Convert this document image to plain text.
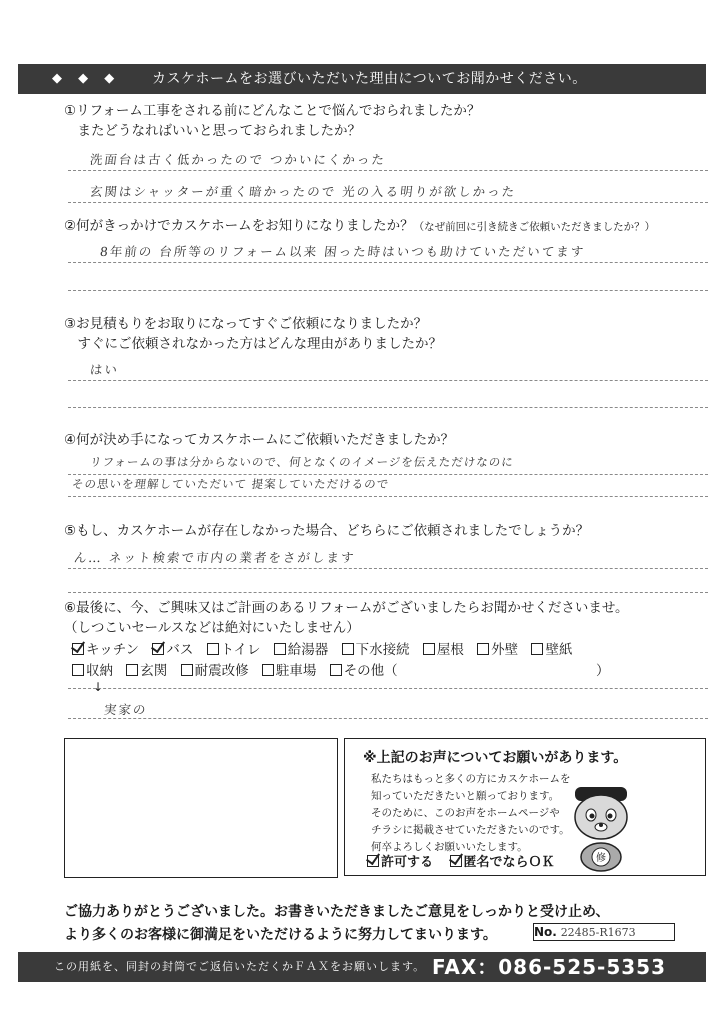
◆ ◆ ◆ カスケホームをお選びいただいた理由についてお聞かせください。
①リフォーム工事をされる前にどんなことで悩んでおられましたか？
　またどうなればいいと思っておられましたか？
洗面台は古く低かったので つかいにくかった
玄関はシャッターが重く暗かったので 光の入る明りが欲しかった
②何がきっかけでカスケホームをお知りになりましたか？（なぜ前回に引き続きご依頼いただきましたか？）
8年前の 台所等のリフォーム以来 困った時はいつも助けていただいてます
③お見積もりをお取りになってすぐご依頼になりましたか？
　すぐにご依頼されなかった方はどんな理由がありましたか？
はい
④何が決め手になってカスケホームにご依頼いただきましたか？
リフォームの事は分からないので、何となくのイメージを伝えただけなのに
その思いを理解していただいて 提案していただけるので
⑤もし、カスケホームが存在しなかった場合、どちらにご依頼されましたでしょうか？
ん… ネット検索で市内の業者をさがします
⑥最後に、今、ご興味又はご計画のあるリフォームがございましたらお聞かせくださいませ。
（しつこいセールスなどは絶対にいたしません）
キッチン バス トイレ 給湯器 下水接続 屋根 外壁 壁紙
収納 玄関 耐震改修 駐車場 その他（	）
↓
実家の
※上記のお声についてお願いがあります。
私たちはもっと多くの方にカスケホームを
知っていただきたいと願っております。
そのために、このお声をホームページや
チラシに掲載させていただきたいのです。
何卒よろしくお願いいたします。
許可する 匿名でならＯＫ	修
ご協力ありがとうございました。お書きいただきましたご意見をしっかりと受け止め、
より多くのお客様に御満足をいただけるように努力してまいります。	No. 22485-R1673
この用紙を、同封の封筒でご返信いただくかＦＡＸをお願いします。 FAX：086-525-5353
